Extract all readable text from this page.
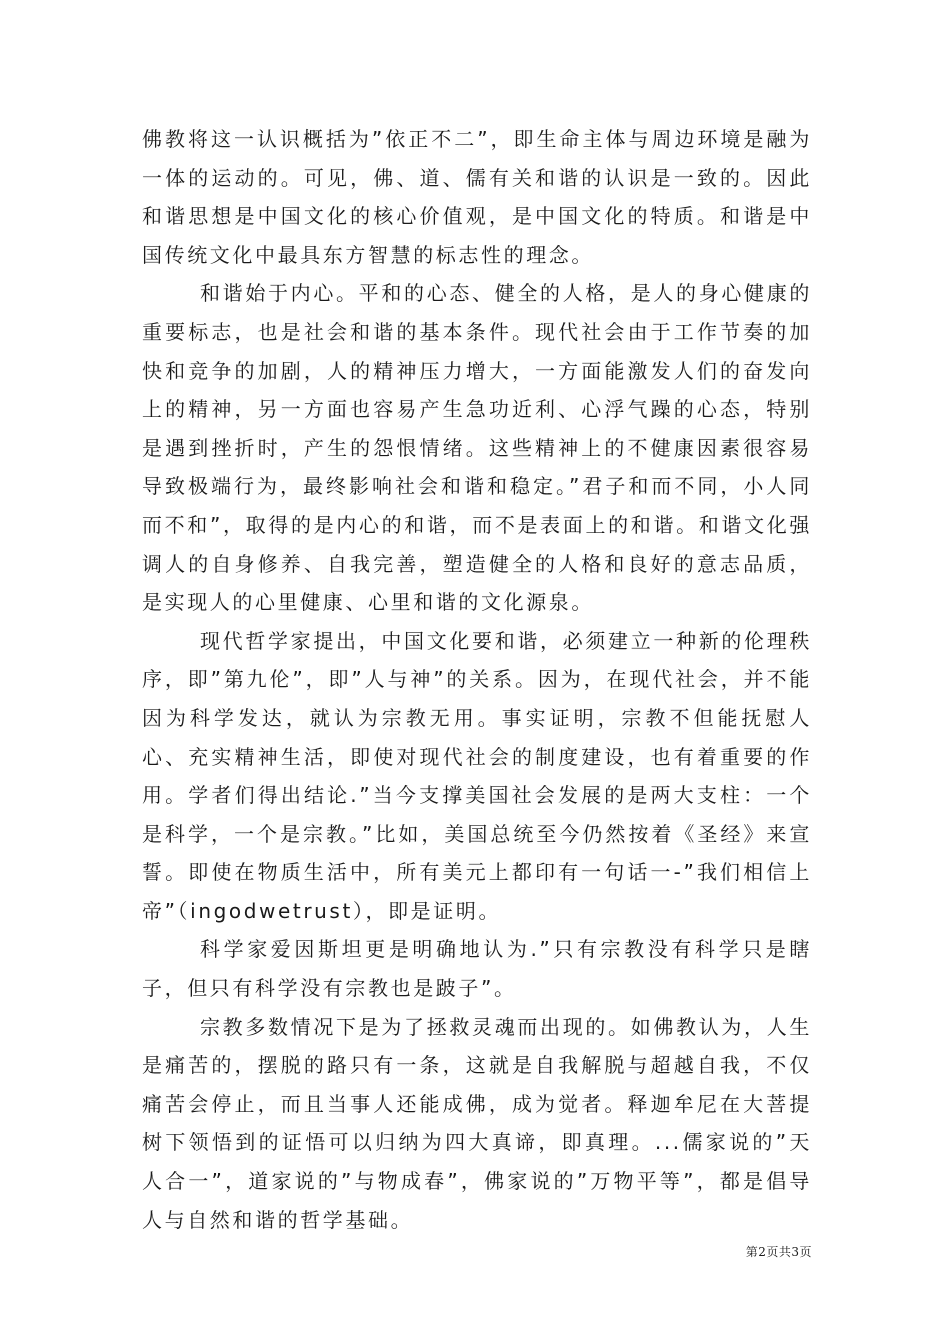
佛教将这一认识概括为”依正不二”，即生命主体与周边环境是融为一体的运动的。可见，佛、道、儒有关和谐的认识是一致的。因此和谐思想是中国文化的核心价值观，是中国文化的特质。和谐是中国传统文化中最具东方智慧的标志性的理念。

和谐始于内心。平和的心态、健全的人格，是人的身心健康的重要标志，也是社会和谐的基本条件。现代社会由于工作节奏的加快和竞争的加剧，人的精神压力增大，一方面能激发人们的奋发向上的精神，另一方面也容易产生急功近利、心浮气躁的心态，特别是遇到挫折时，产生的怨恨情绪。这些精神上的不健康因素很容易导致极端行为，最终影响社会和谐和稳定。”君子和而不同，小人同而不和”，取得的是内心的和谐，而不是表面上的和谐。和谐文化强调人的自身修养、自我完善，塑造健全的人格和良好的意志品质，是实现人的心里健康、心里和谐的文化源泉。

现代哲学家提出，中国文化要和谐，必须建立一种新的伦理秩序，即”第九伦”，即”人与神”的关系。因为，在现代社会，并不能因为科学发达，就认为宗教无用。事实证明，宗教不但能抚慰人心、充实精神生活，即使对现代社会的制度建设，也有着重要的作用。学者们得出结论.”当今支撑美国社会发展的是两大支柱：一个是科学，一个是宗教。”比如，美国总统至今仍然按着《圣经》来宣誓。即使在物质生活中，所有美元上都印有一句话一-”我们相信上帝”（ingodwetrust），即是证明。

科学家爱因斯坦更是明确地认为.”只有宗教没有科学只是瞎子，但只有科学没有宗教也是跛子”。

宗教多数情况下是为了拯救灵魂而出现的。如佛教认为，人生是痛苦的，摆脱的路只有一条，这就是自我解脱与超越自我，不仅痛苦会停止，而且当事人还能成佛，成为觉者。释迦牟尼在大菩提树下领悟到的证悟可以归纳为四大真谛，即真理。...儒家说的”天人合一”，道家说的”与物成春”，佛家说的”万物平等”，都是倡导人与自然和谐的哲学基础。

第2页共3页
